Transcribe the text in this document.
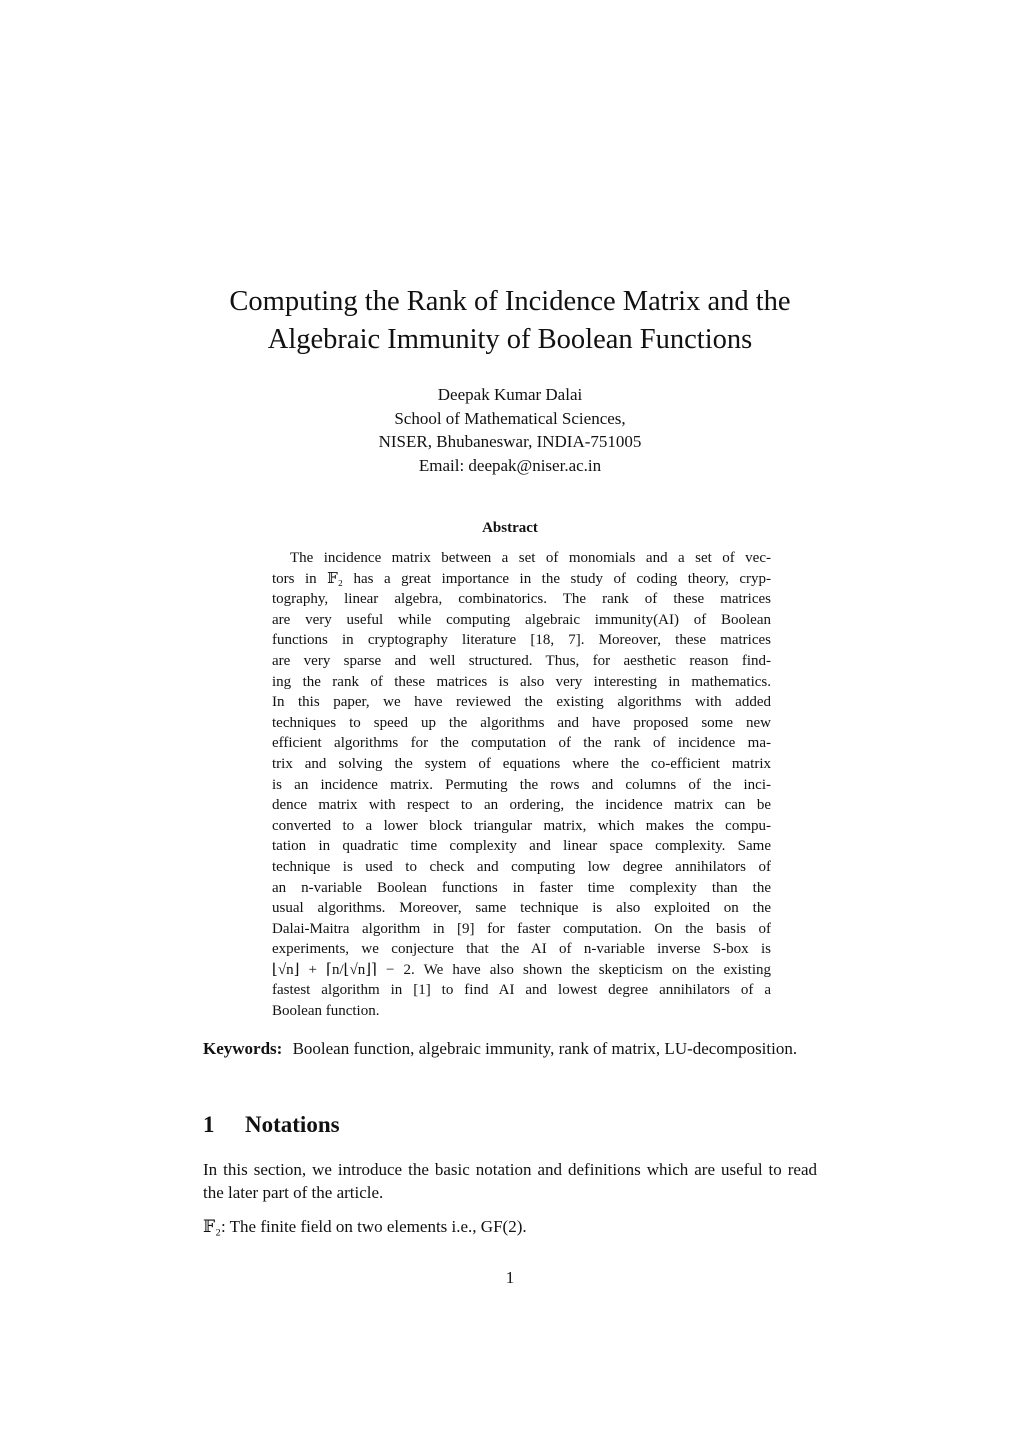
Computing the Rank of Incidence Matrix and the
Algebraic Immunity of Boolean Functions
Deepak Kumar Dalai
School of Mathematical Sciences,
NISER, Bhubaneswar, INDIA-751005
Email: deepak@niser.ac.in
Abstract
The incidence matrix between a set of monomials and a set of vec-
tors in 𝔽₂ has a great importance in the study of coding theory, cryp-
tography, linear algebra, combinatorics. The rank of these matrices
are very useful while computing algebraic immunity(AI) of Boolean
functions in cryptography literature [18, 7]. Moreover, these matrices
are very sparse and well structured. Thus, for aesthetic reason find-
ing the rank of these matrices is also very interesting in mathematics.
In this paper, we have reviewed the existing algorithms with added
techniques to speed up the algorithms and have proposed some new
efficient algorithms for the computation of the rank of incidence ma-
trix and solving the system of equations where the co-efficient matrix
is an incidence matrix. Permuting the rows and columns of the inci-
dence matrix with respect to an ordering, the incidence matrix can be
converted to a lower block triangular matrix, which makes the compu-
tation in quadratic time complexity and linear space complexity. Same
technique is used to check and computing low degree annihilators of
an n-variable Boolean functions in faster time complexity than the
usual algorithms. Moreover, same technique is also exploited on the
Dalai-Maitra algorithm in [9] for faster computation. On the basis of
experiments, we conjecture that the AI of n-variable inverse S-box is
⌊√n⌋ + ⌈n/⌊√n⌋⌉ − 2. We have also shown the skepticism on the existing
fastest algorithm in [1] to find AI and lowest degree annihilators of a
Boolean function.
Keywords: Boolean function, algebraic immunity, rank of matrix, LU-decomposition.
1 Notations
In this section, we introduce the basic notation and definitions which are useful to read the later part of the article.
𝔽₂: The finite field on two elements i.e., GF(2).
1
